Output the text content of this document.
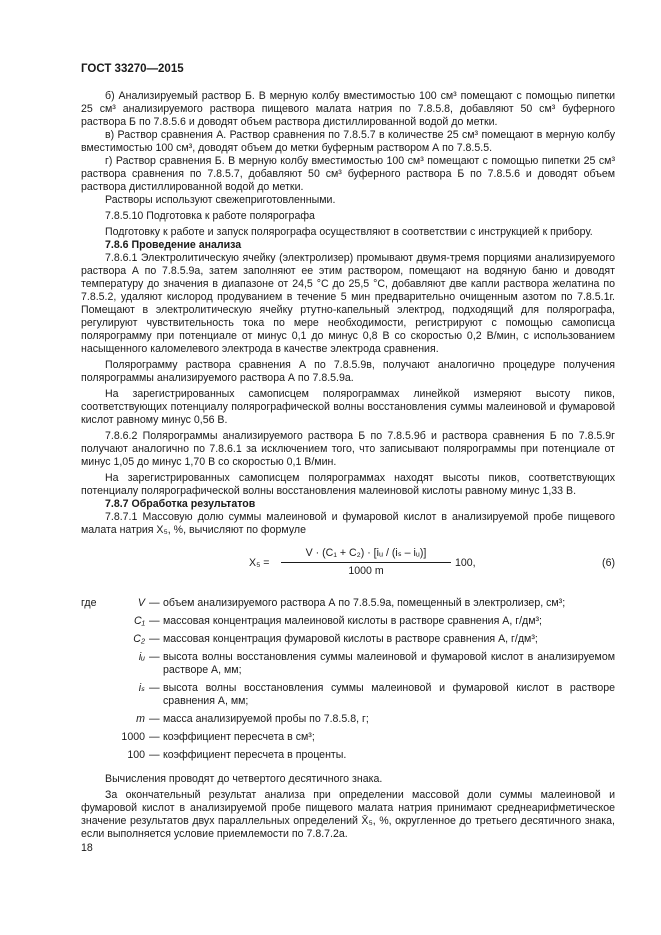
ГОСТ 33270—2015

б) Анализируемый раствор Б. В мерную колбу вместимостью 100 см³ помещают с помощью пипетки 25 см³ анализируемого раствора пищевого малата натрия по 7.8.5.8, добавляют 50 см³ буферного раствора Б по 7.8.5.6 и доводят объем раствора дистиллированной водой до метки.

в) Раствор сравнения А. Раствор сравнения по 7.8.5.7 в количестве 25 см³ помещают в мерную колбу вместимостью 100 см³, доводят объем до метки буферным раствором А по 7.8.5.5.

г) Раствор сравнения Б. В мерную колбу вместимостью 100 см³ помещают с помощью пипетки 25 см³ раствора сравнения по 7.8.5.7, добавляют 50 см³ буферного раствора Б по 7.8.5.6 и доводят объем раствора дистиллированной водой до метки.

Растворы используют свежеприготовленными.

7.8.5.10 Подготовка к работе полярографа

Подготовку к работе и запуск полярографа осуществляют в соответствии с инструкцией к прибору.

7.8.6 Проведение анализа

7.8.6.1 Электролитическую ячейку (электролизер) промывают двумя-тремя порциями анализируемого раствора А по 7.8.5.9а, затем заполняют ее этим раствором, помещают на водяную баню и доводят температуру до значения в диапазоне от 24,5 °С до 25,5 °С, добавляют две капли раствора желатина по 7.8.5.2, удаляют кислород продуванием в течение 5 мин предварительно очищенным азотом по 7.8.5.1г. Помещают в электролитическую ячейку ртутно-капельный электрод, подходящий для полярографа, регулируют чувствительность тока по мере необходимости, регистрируют с помощью самописца полярограмму при потенциале от минус 0,1 до минус 0,8 В со скоростью 0,2 В/мин, с использованием насыщенного каломелевого электрода в качестве электрода сравнения.

Полярограмму раствора сравнения А по 7.8.5.9в, получают аналогично процедуре получения полярограммы анализируемого раствора А по 7.8.5.9а.

На зарегистрированных самописцем полярограммах линейкой измеряют высоту пиков, соответствующих потенциалу полярографической волны восстановления суммы малеиновой и фумаровой кислот равному минус 0,56 В.

7.8.6.2 Полярограммы анализируемого раствора Б по 7.8.5.9б и раствора сравнения Б по 7.8.5.9г получают аналогично по 7.8.6.1 за исключением того, что записывают полярограммы при потенциале от минус 1,05 до минус 1,70 В со скоростью 0,1 В/мин.

На зарегистрированных самописцем полярограммах находят высоты пиков, соответствующих потенциалу полярографической волны восстановления малеиновой кислоты равному минус 1,33 В.

7.8.7 Обработка результатов

7.8.7.1 Массовую долю суммы малеиновой и фумаровой кислот в анализируемой пробе пищевого малата натрия X₅, %, вычисляют по формуле

$X_5 = \frac{\text{V · (C₁ + C₂) · [iᵤ / (iₛ – iᵤ)]}}{1000 m} 100$,	(6)
где	V	—	объем анализируемого раствора А по 7.8.5.9а, помещенный в электролизер, см³;
	C₁	—	массовая концентрация малеиновой кислоты в растворе сравнения А, г/дм³;
	C₂	—	массовая концентрация фумаровой кислоты в растворе сравнения А, г/дм³;
	iᵤ	—	высота волны восстановления суммы малеиновой и фумаровой кислот в анализируемом растворе А, мм;
	iₛ	—	высота волны восстановления суммы малеиновой и фумаровой кислот в растворе сравнения А, мм;
	m	—	масса анализируемой пробы по 7.8.5.8, г;
	1000	—	коэффициент пересчета в см³;
	100	—	коэффициент пересчета в проценты.

Вычисления проводят до четвертого десятичного знака.

За окончательный результат анализа при определении массовой доли суммы малеиновой и фумаровой кислот в анализируемой пробе пищевого малата натрия принимают среднеарифметическое значение результатов двух параллельных определений X̄₅, %, округленное до третьего десятичного знака, если выполняется условие приемлемости по 7.8.7.2а.

18
